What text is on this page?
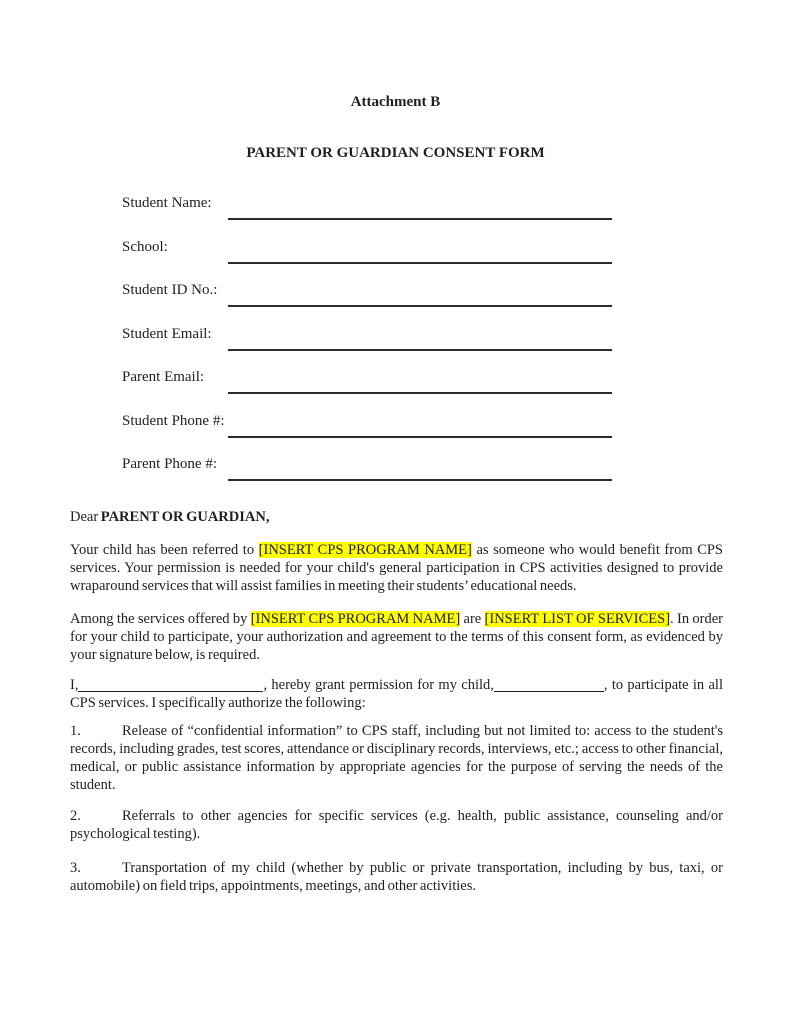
Attachment B
PARENT OR GUARDIAN CONSENT FORM
Student Name:
School:
Student ID No.:
Student Email:
Parent Email:
Student Phone #:
Parent Phone #:

Dear PARENT OR GUARDIAN,

Your child has been referred to [INSERT CPS PROGRAM NAME] as someone who would benefit from CPS services. Your permission is needed for your child's general participation in CPS activities designed to provide wraparound services that will assist families in meeting their students’ educational needs.

Among the services offered by [INSERT CPS PROGRAM NAME] are [INSERT LIST OF SERVICES]. In order for your child to participate, your authorization and agreement to the terms of this consent form, as evidenced by your signature below, is required.

I,	, hereby grant permission for my child,	, to participate in all CPS services. I specifically authorize the following:

1.	Release of “confidential information” to CPS staff, including but not limited to: access to the student's records, including grades, test scores, attendance or disciplinary records, interviews, etc.; access to other financial, medical, or public assistance information by appropriate agencies for the purpose of serving the needs of the student.

2.	Referrals to other agencies for specific services (e.g. health, public assistance, counseling and/or psychological testing).

3.	Transportation of my child (whether by public or private transportation, including by bus, taxi, or automobile) on field trips, appointments, meetings, and other activities.
